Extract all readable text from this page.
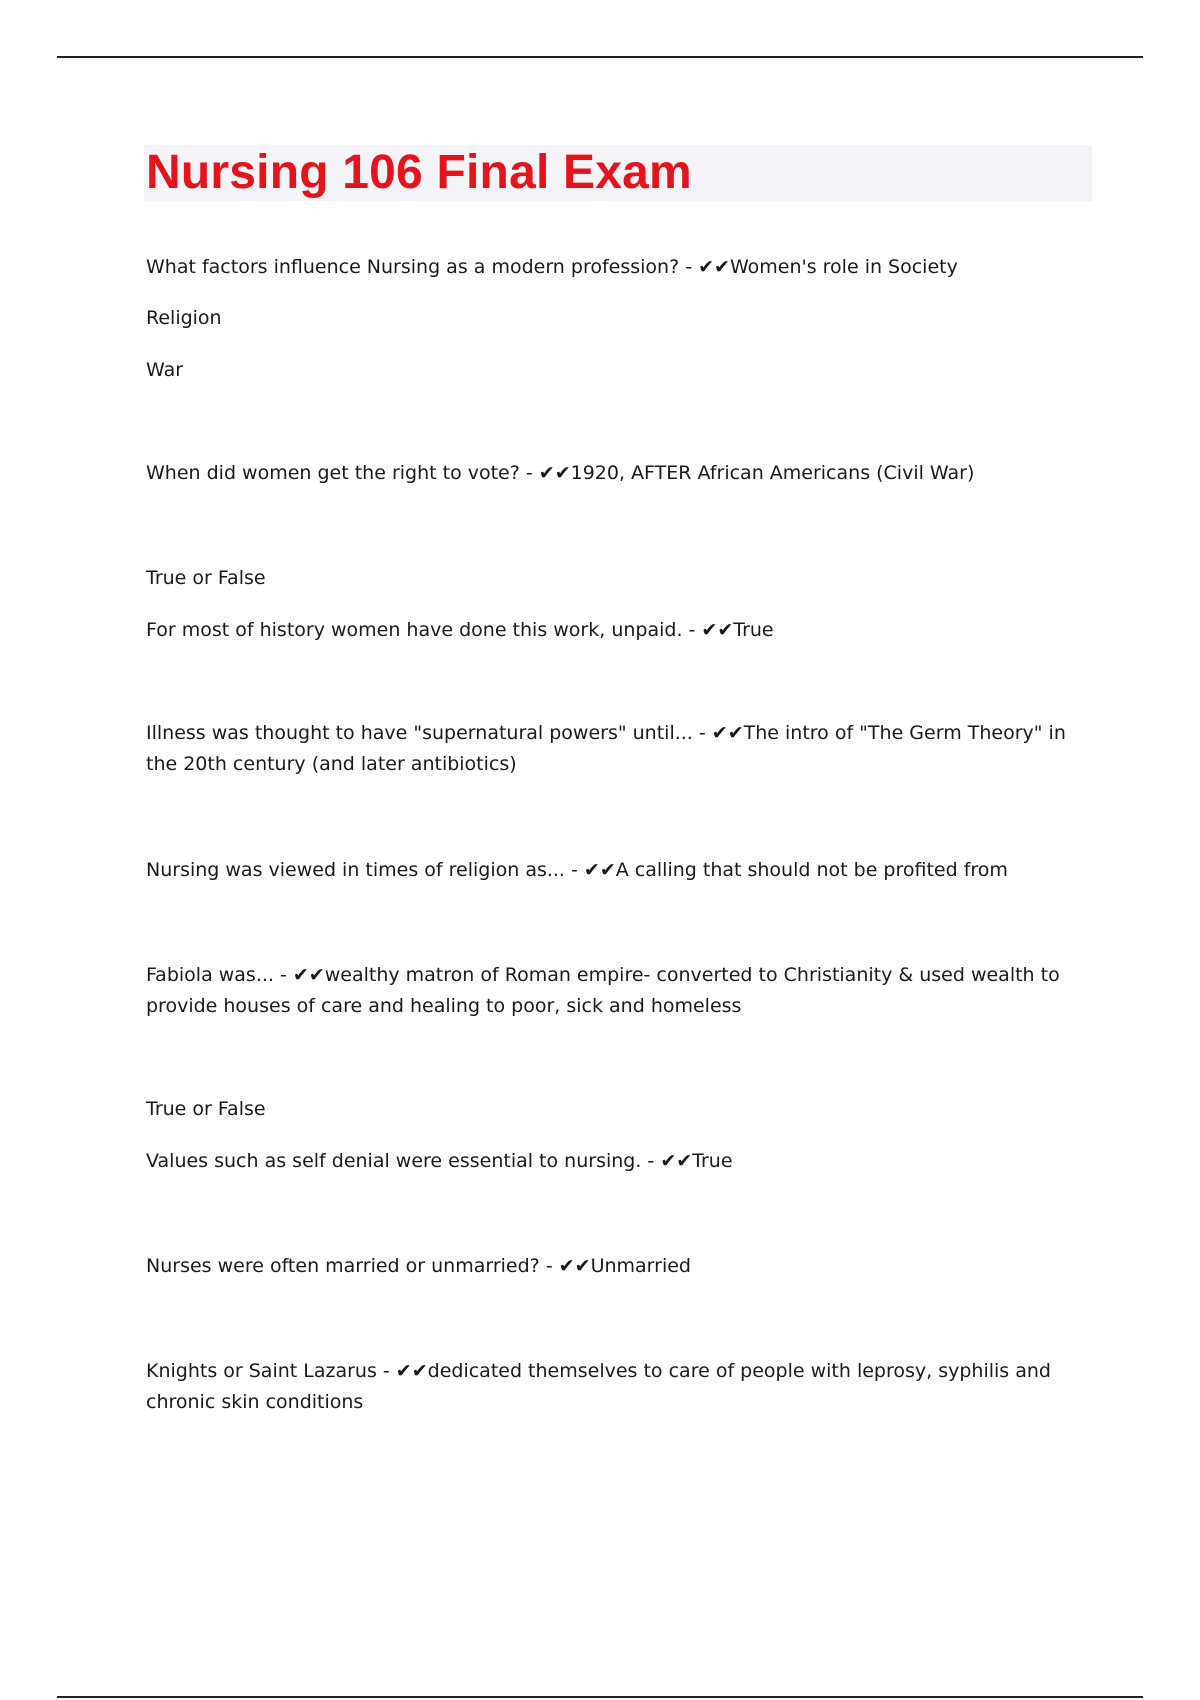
Nursing 106 Final Exam

What factors influence Nursing as a modern profession? - ✔✔Women's role in Society

Religion

War

When did women get the right to vote? - ✔✔1920, AFTER African Americans (Civil War)

True or False

For most of history women have done this work, unpaid. - ✔✔True

Illness was thought to have "supernatural powers" until... - ✔✔The intro of "The Germ Theory" in the 20th century (and later antibiotics)

Nursing was viewed in times of religion as... - ✔✔A calling that should not be profited from

Fabiola was... - ✔✔wealthy matron of Roman empire- converted to Christianity & used wealth to provide houses of care and healing to poor, sick and homeless

True or False

Values such as self denial were essential to nursing. - ✔✔True

Nurses were often married or unmarried? - ✔✔Unmarried

Knights or Saint Lazarus - ✔✔dedicated themselves to care of people with leprosy, syphilis and chronic skin conditions
